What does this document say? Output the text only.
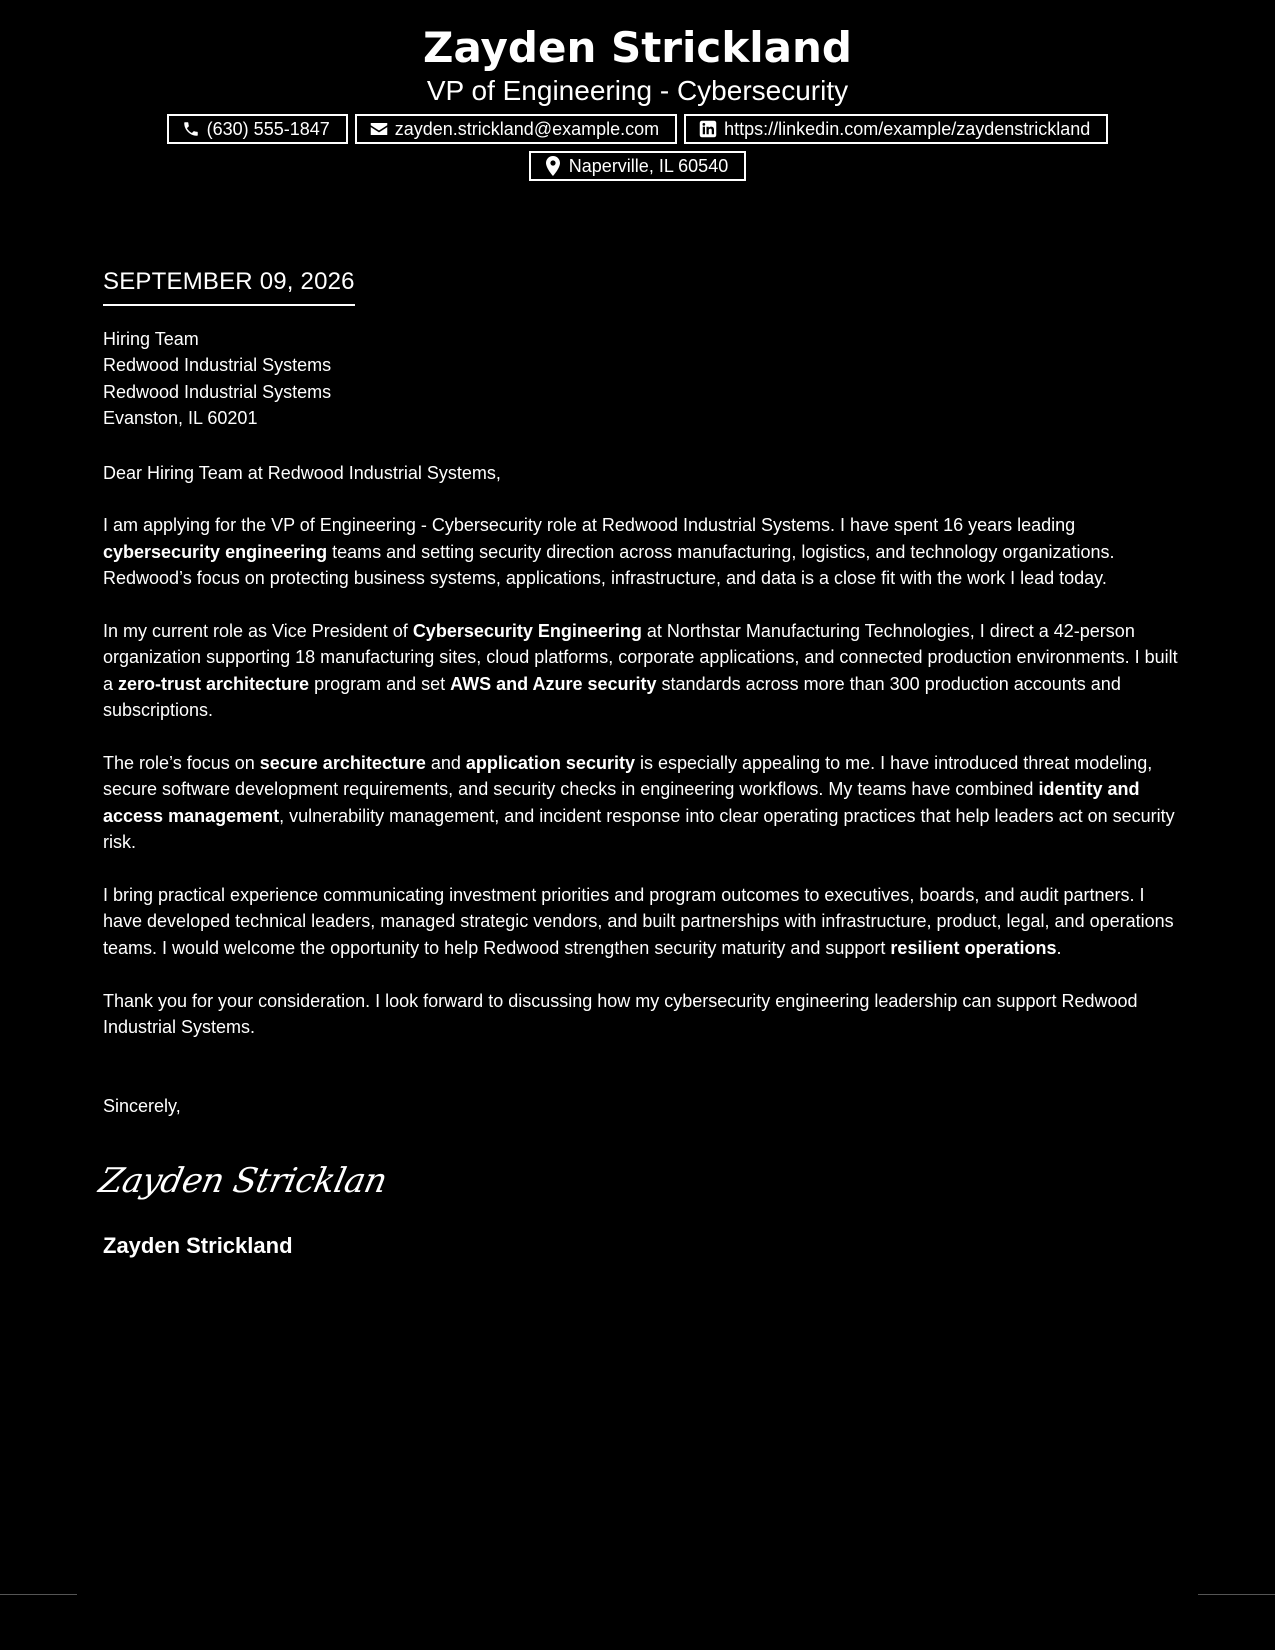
Zayden Strickland
VP of Engineering - Cybersecurity
(630) 555-1847	zayden.strickland@example.com	https://linkedin.com/example/zaydenstrickland
Naperville, IL 60540
SEPTEMBER 09, 2026
Hiring Team
Redwood Industrial Systems
Redwood Industrial Systems
Evanston, IL 60201
Dear Hiring Team at Redwood Industrial Systems,
I am applying for the VP of Engineering - Cybersecurity role at Redwood Industrial Systems. I have spent 16 years leading cybersecurity engineering teams and setting security direction across manufacturing, logistics, and technology organizations. Redwood’s focus on protecting business systems, applications, infrastructure, and data is a close fit with the work I lead today.
In my current role as Vice President of Cybersecurity Engineering at Northstar Manufacturing Technologies, I direct a 42-person organization supporting 18 manufacturing sites, cloud platforms, corporate applications, and connected production environments. I built a zero-trust architecture program and set AWS and Azure security standards across more than 300 production accounts and subscriptions.
The role’s focus on secure architecture and application security is especially appealing to me. I have introduced threat modeling, secure software development requirements, and security checks in engineering workflows. My teams have combined identity and access management, vulnerability management, and incident response into clear operating practices that help leaders act on security risk.
I bring practical experience communicating investment priorities and program outcomes to executives, boards, and audit partners. I have developed technical leaders, managed strategic vendors, and built partnerships with infrastructure, product, legal, and operations teams. I would welcome the opportunity to help Redwood strengthen security maturity and support resilient operations.
Thank you for your consideration. I look forward to discussing how my cybersecurity engineering leadership can support Redwood Industrial Systems.
Sincerely,
Zayden Stricklan
Zayden Strickland
